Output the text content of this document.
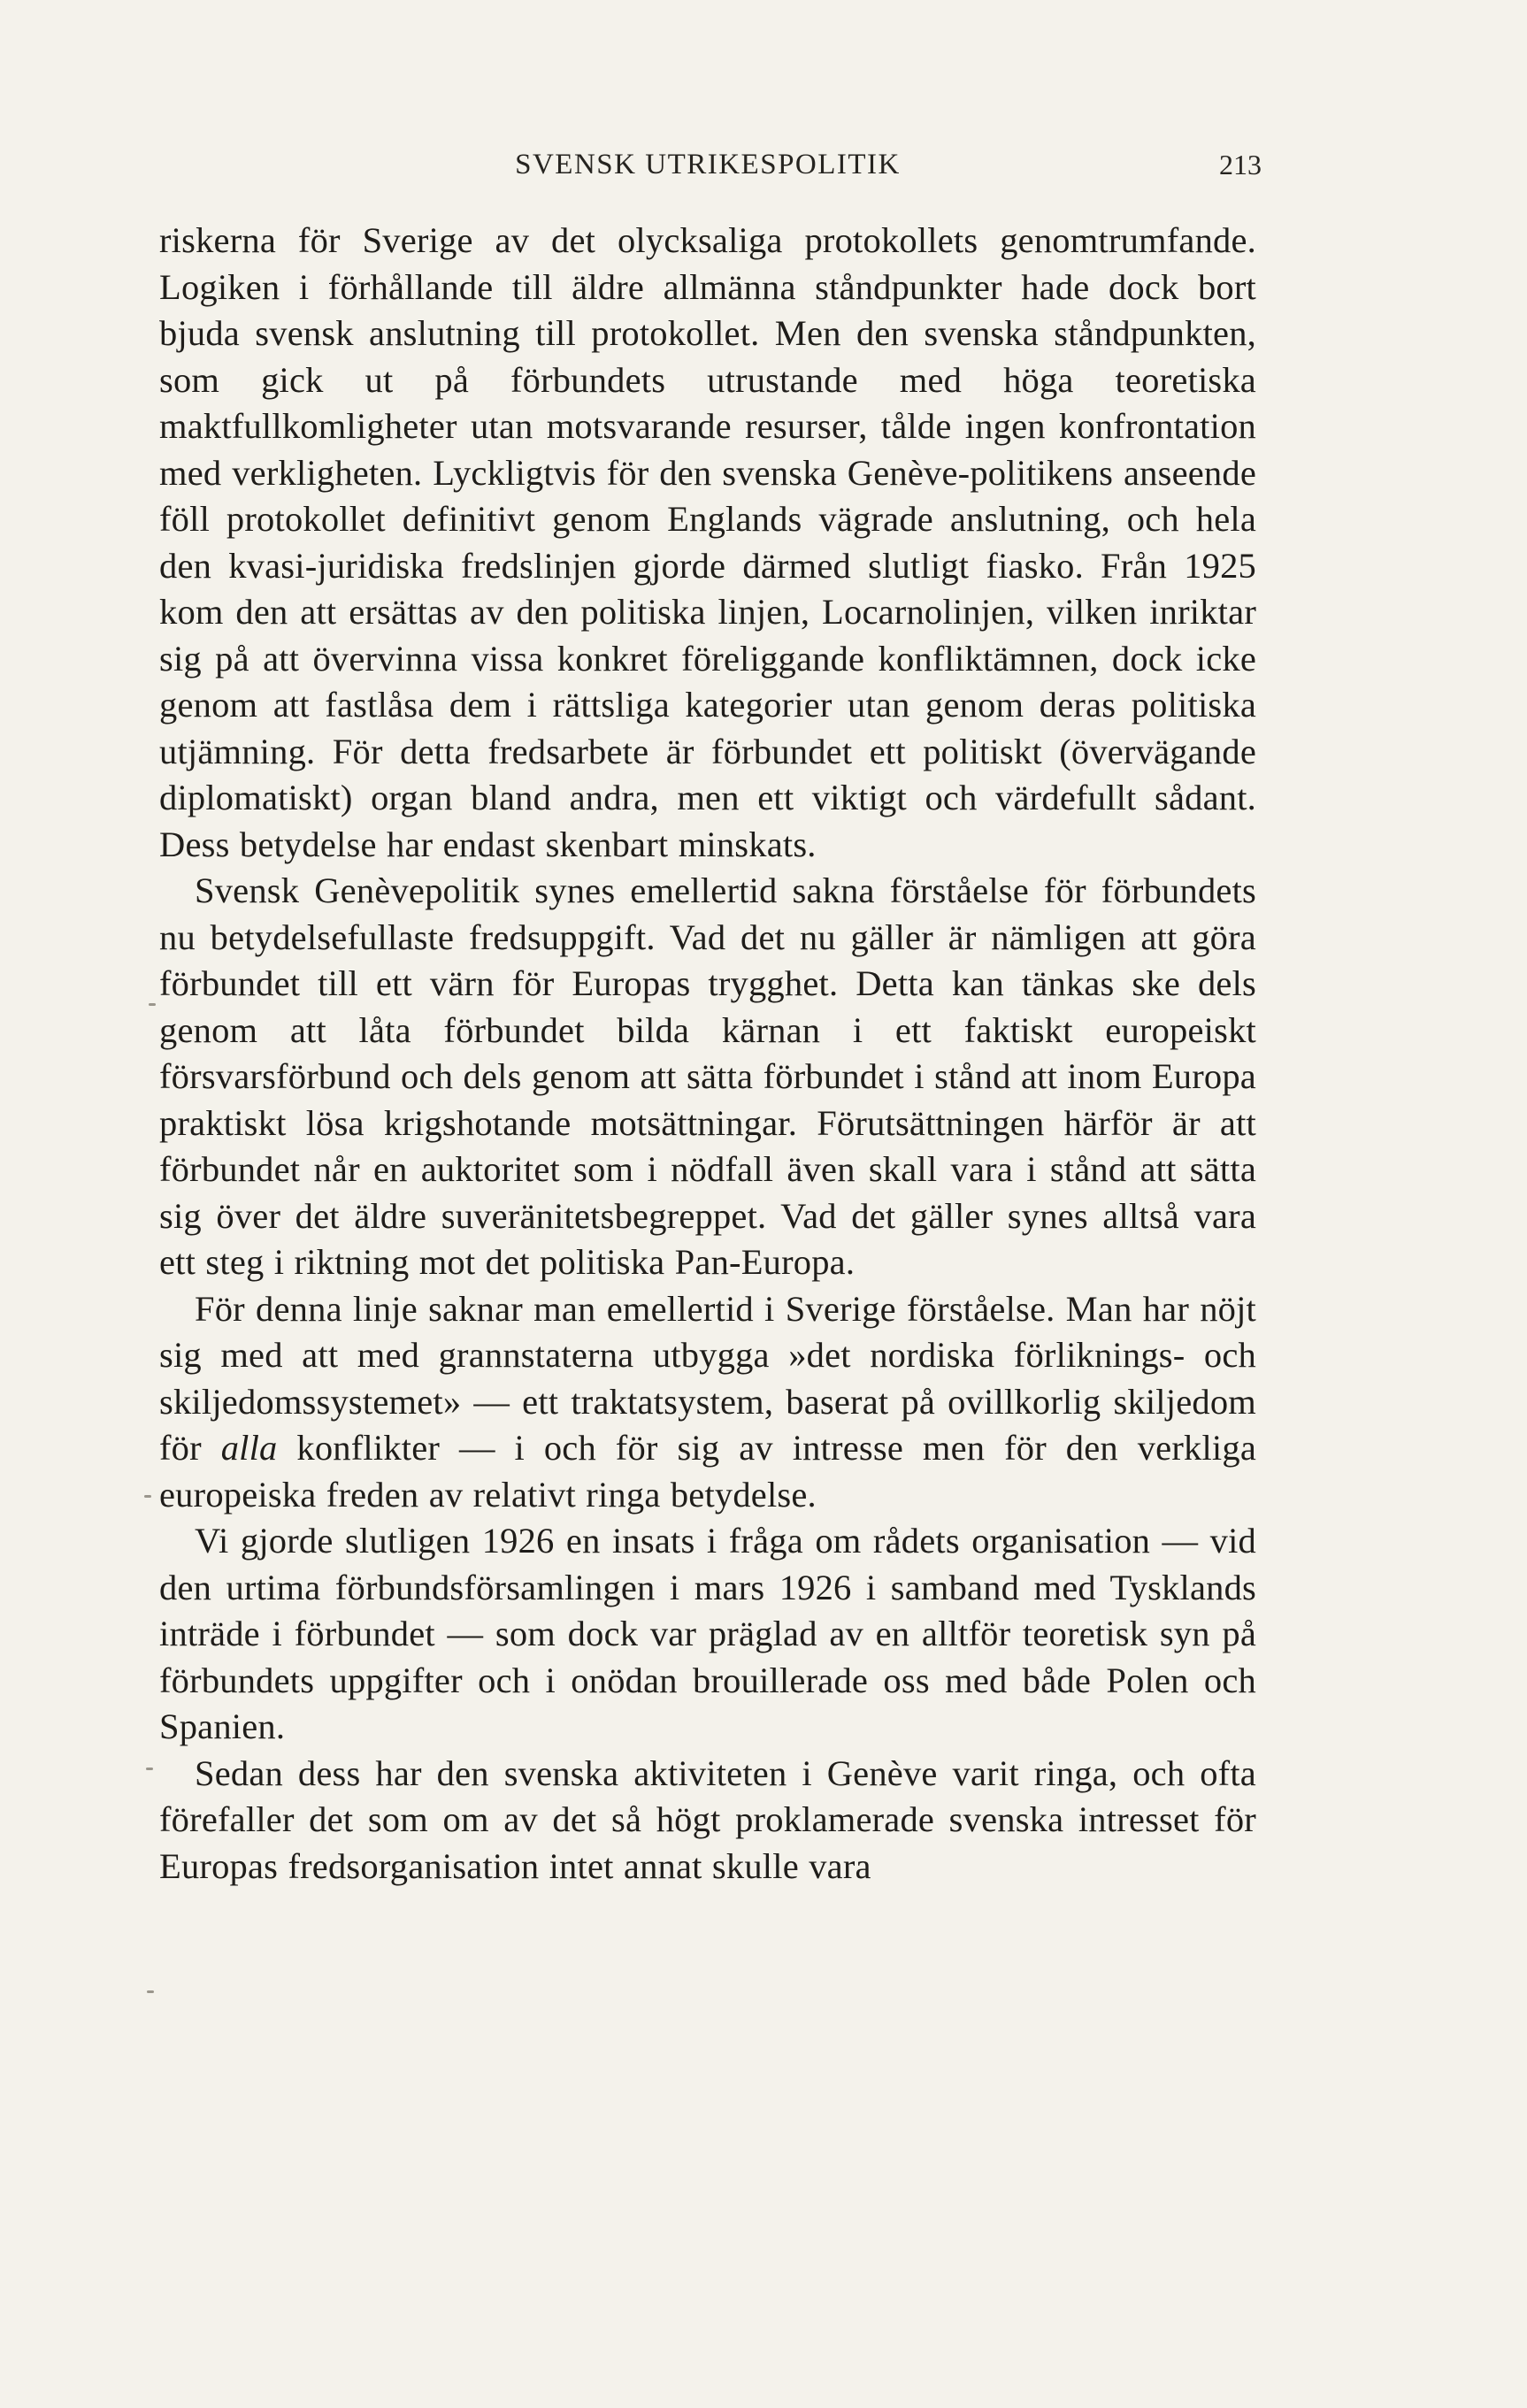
SVENSK UTRIKESPOLITIK	213

riskerna för Sverige av det olycksaliga protokollets genomtrumfande. Logiken i förhållande till äldre allmänna ståndpunkter hade dock bort bjuda svensk anslutning till protokollet. Men den svenska ståndpunkten, som gick ut på förbundets utrustande med höga teoretiska maktfullkomligheter utan motsvarande resurser, tålde ingen konfrontation med verkligheten. Lyckligtvis för den svenska Genève-politikens anseende föll protokollet definitivt genom Englands vägrade anslutning, och hela den kvasi-juridiska fredslinjen gjorde därmed slutligt fiasko. Från 1925 kom den att ersättas av den politiska linjen, Locarnolinjen, vilken inriktar sig på att övervinna vissa konkret föreliggande konfliktämnen, dock icke genom att fastlåsa dem i rättsliga kategorier utan genom deras politiska utjämning. För detta fredsarbete är förbundet ett politiskt (övervägande diplomatiskt) organ bland andra, men ett viktigt och värdefullt sådant. Dess betydelse har endast skenbart minskats.

Svensk Genèvepolitik synes emellertid sakna förståelse för förbundets nu betydelsefullaste fredsuppgift. Vad det nu gäller är nämligen att göra förbundet till ett värn för Europas trygghet. Detta kan tänkas ske dels genom att låta förbundet bilda kärnan i ett faktiskt europeiskt försvarsförbund och dels genom att sätta förbundet i stånd att inom Europa praktiskt lösa krigshotande motsättningar. Förutsättningen härför är att förbundet når en auktoritet som i nödfall även skall vara i stånd att sätta sig över det äldre suveränitetsbegreppet. Vad det gäller synes alltså vara ett steg i riktning mot det politiska Pan-Europa.

För denna linje saknar man emellertid i Sverige förståelse. Man har nöjt sig med att med grannstaterna utbygga »det nordiska förliknings- och skiljedomssystemet» — ett traktatsystem, baserat på ovillkorlig skiljedom för alla konflikter — i och för sig av intresse men för den verkliga europeiska freden av relativt ringa betydelse.

Vi gjorde slutligen 1926 en insats i fråga om rådets organisation — vid den urtima förbundsförsamlingen i mars 1926 i samband med Tysklands inträde i förbundet — som dock var präglad av en alltför teoretisk syn på förbundets uppgifter och i onödan brouillerade oss med både Polen och Spanien.

Sedan dess har den svenska aktiviteten i Genève varit ringa, och ofta förefaller det som om av det så högt proklamerade svenska intresset för Europas fredsorganisation intet annat skulle vara
